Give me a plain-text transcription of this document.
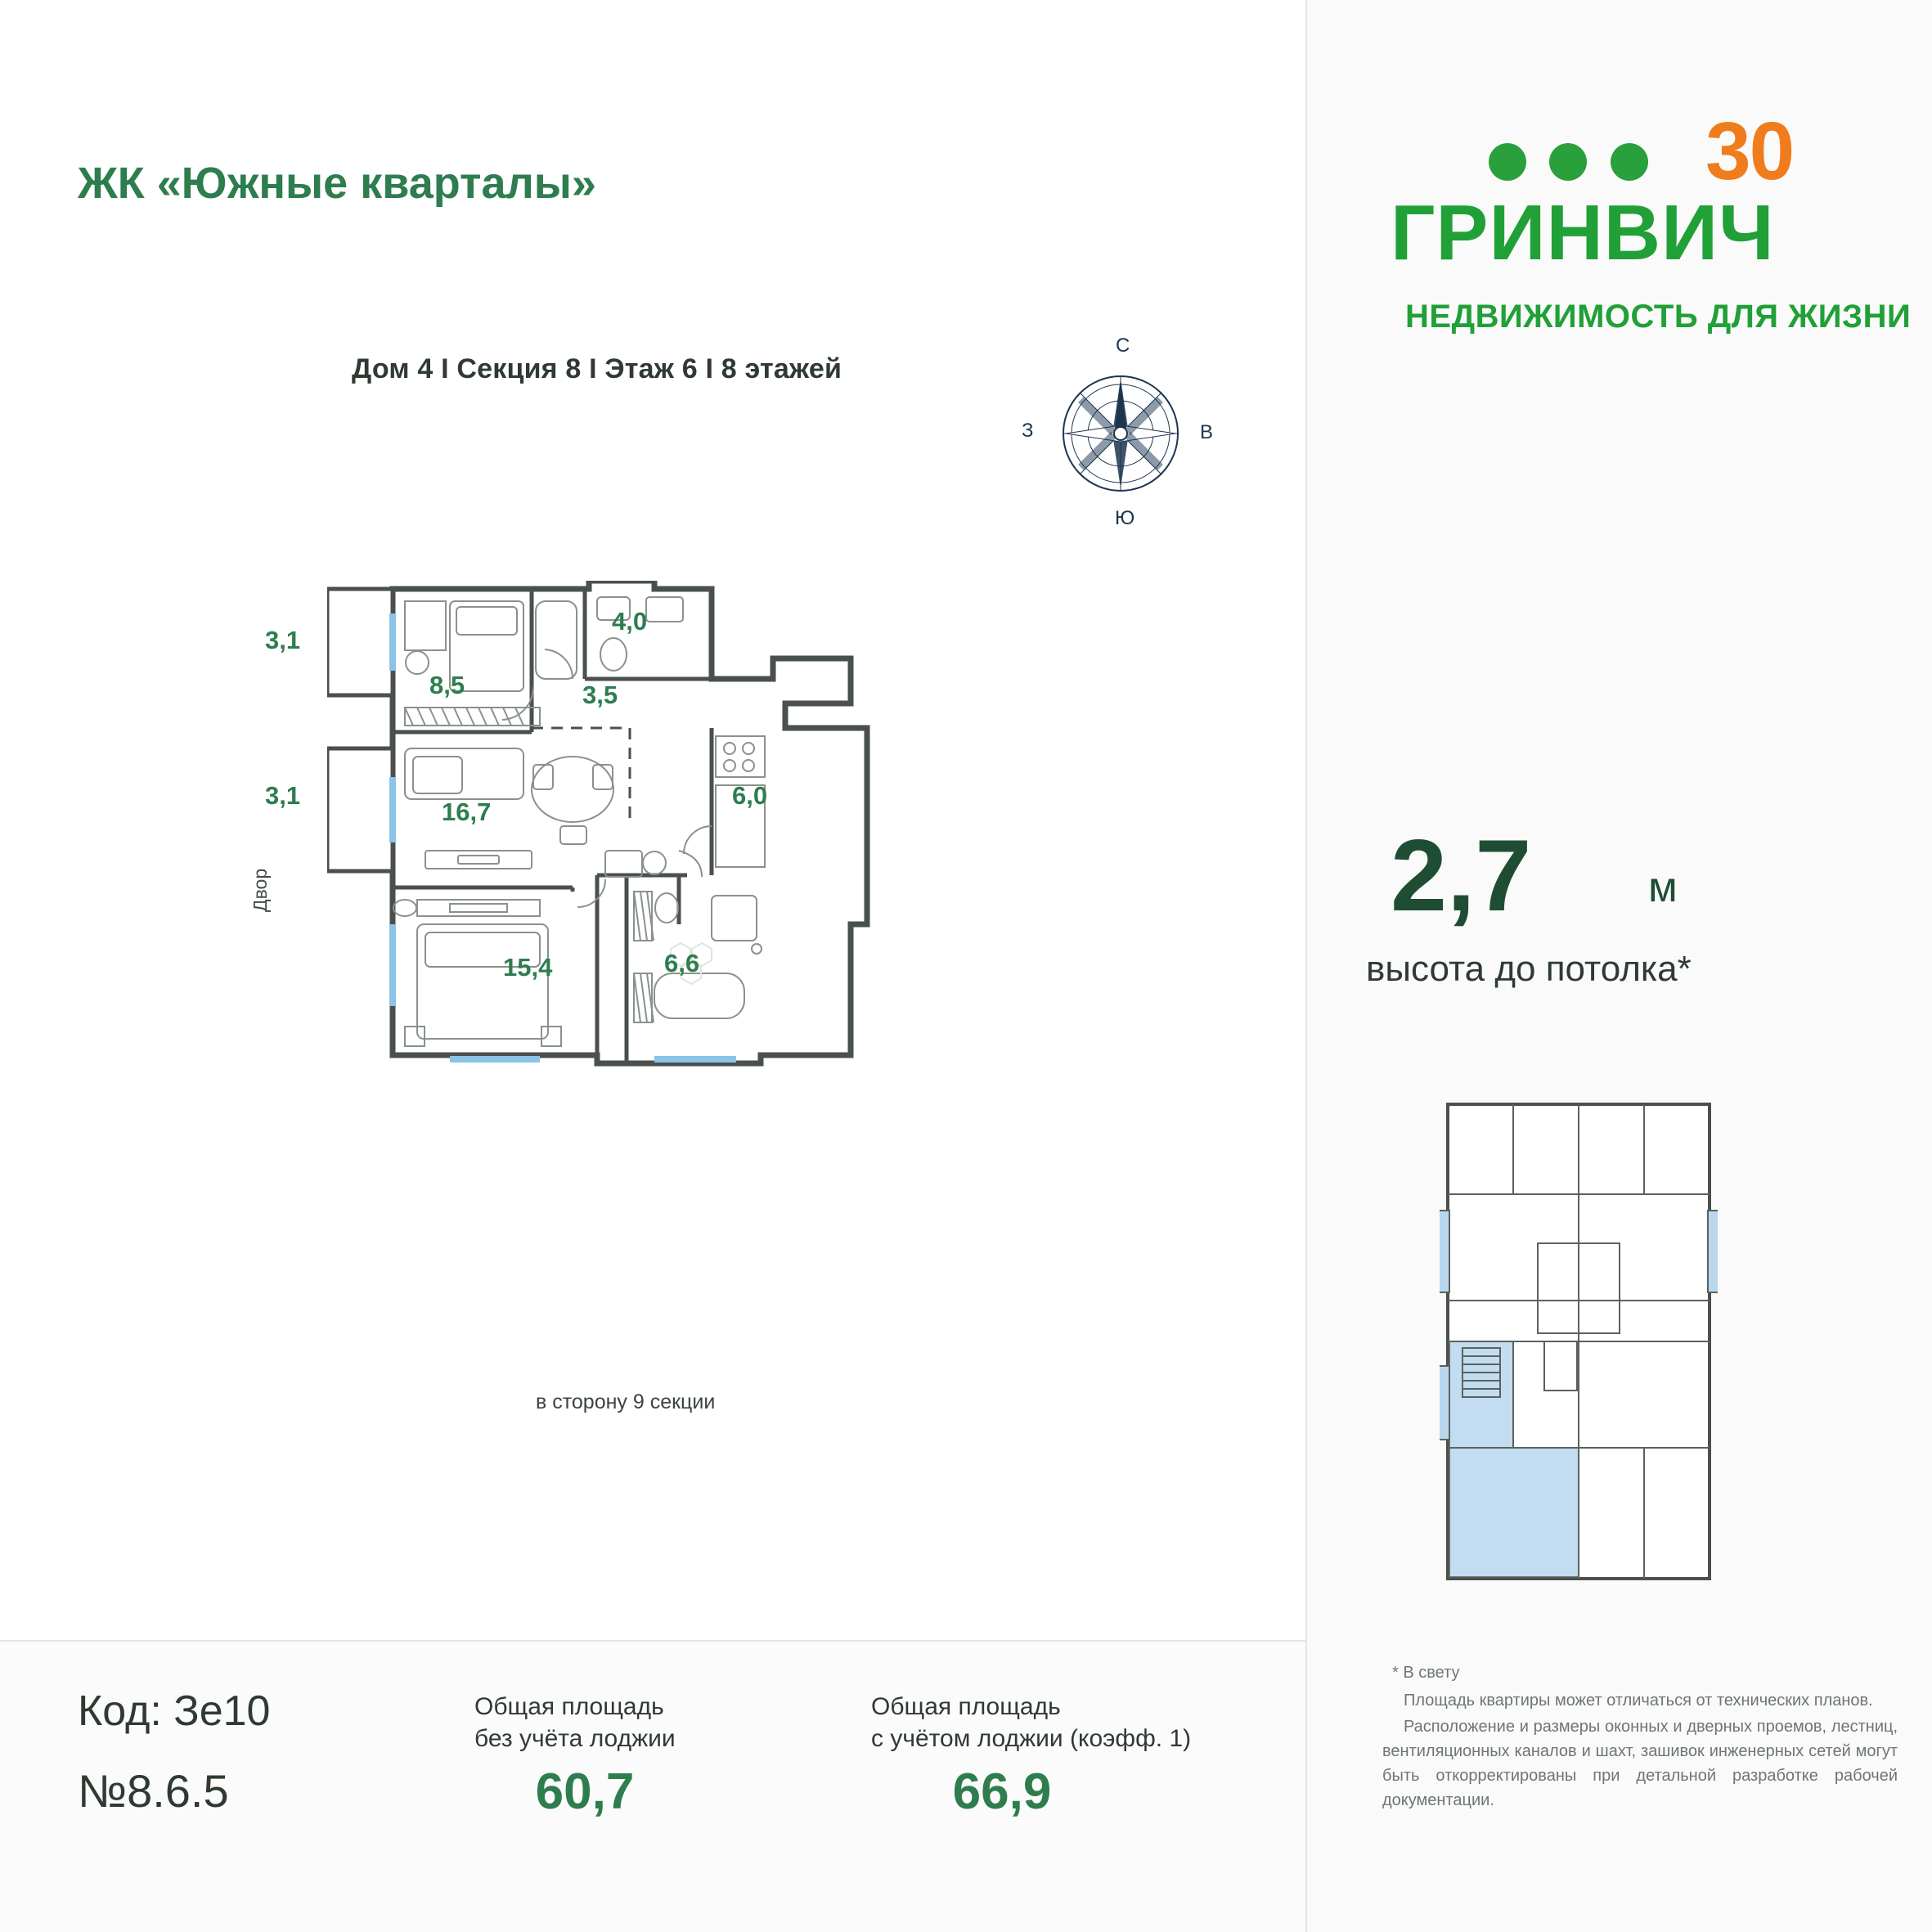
ЖК «Южные кварталы»
Дом 4 I Секция 8 I Этаж 6 I 8 этажей
С
Ю
З	В
Двор
в сторону 9 секции
3,1
8,5
4,0
3,5
3,1
16,7
6,0
15,4	6,6
Код: Зe10
№8.6.5
Общая площадь
без учёта лоджии
60,7
Общая площадь
с учётом лоджии (коэфф. 1)
66,9

30
ГРИНВИЧ
НЕДВИЖИМОСТЬ ДЛЯ ЖИЗНИ
2,7	м
высота до потолка*
* В свету

Площадь квартиры может отличаться от технических планов.

Расположение и размеры оконных и дверных проемов, лестниц, вентиляционных каналов и шахт, зашивок инженерных сетей могут быть откорректированы при детальной разработке рабочей документации.
